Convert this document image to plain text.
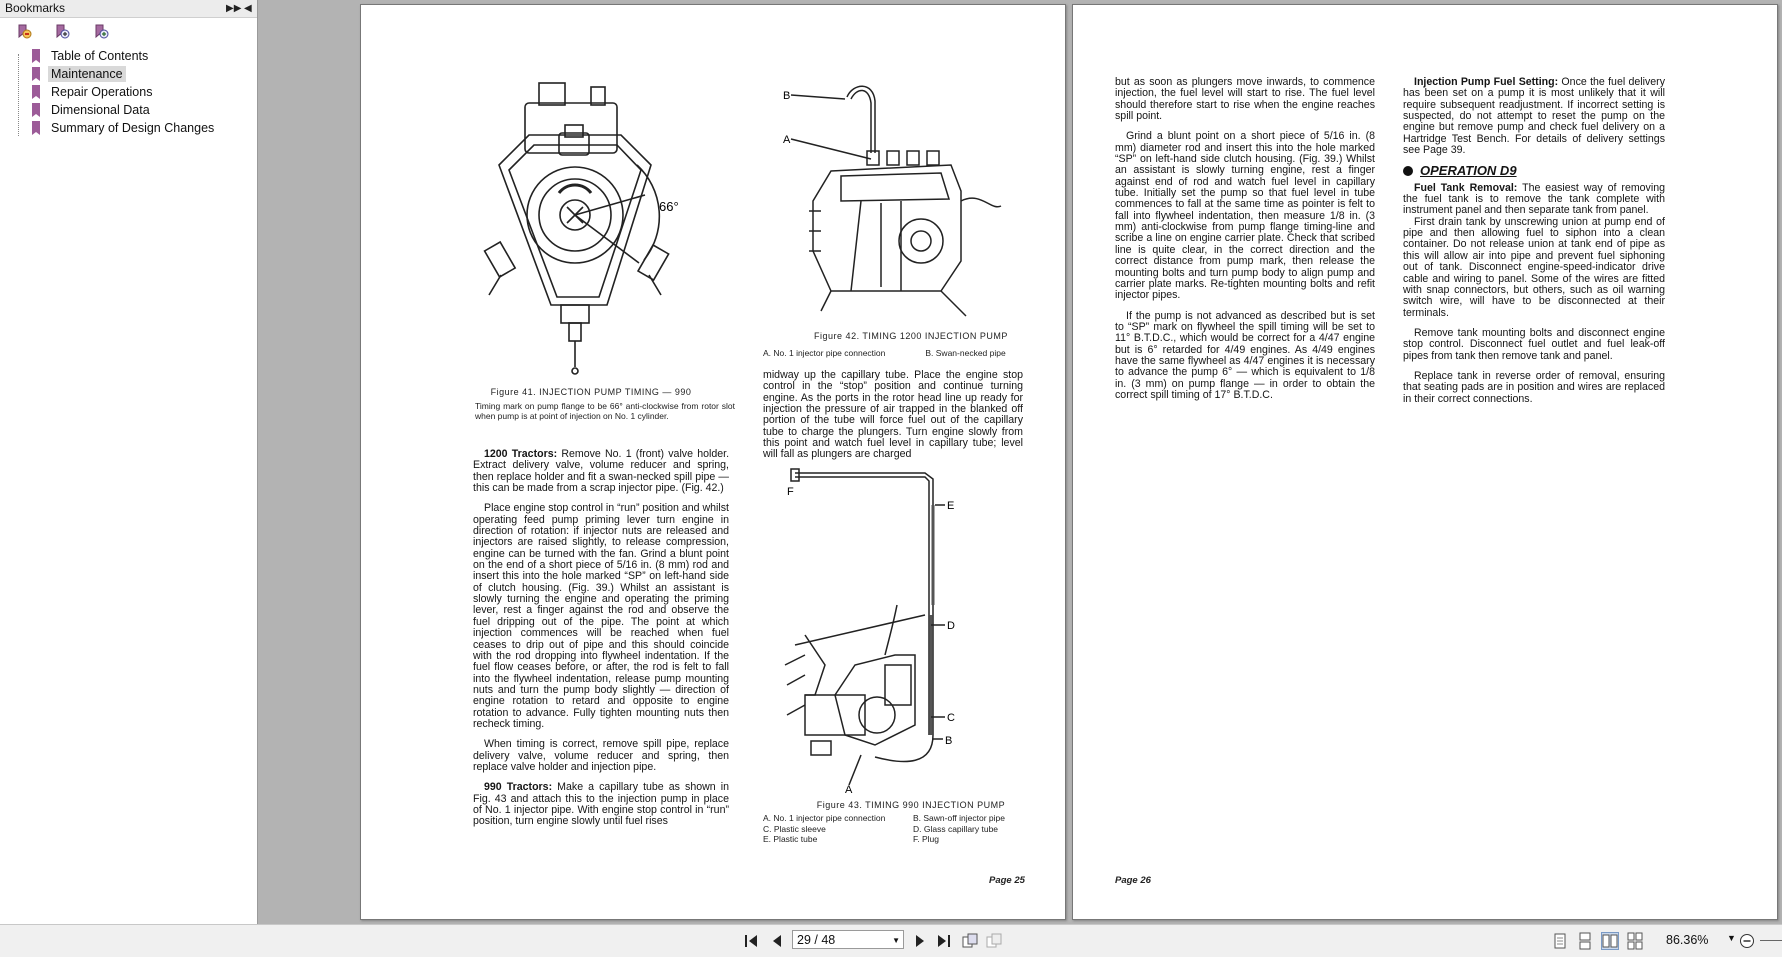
Bookmarks	▶▶ ◀

Table of Contents
Maintenance
Repair Operations
Dimensional Data
Summary of Design Changes
66°
Figure 41. INJECTION PUMP TIMING — 990
Timing mark on pump flange to be 66° anti-clockwise from rotor slot when pump is at point of injection on No. 1 cylinder.
B
A
Figure 42. TIMING 1200 INJECTION PUMP
A. No. 1 injector pipe connection	B. Swan-necked pipe

1200 Tractors: Remove No. 1 (front) valve holder. Extract delivery valve, volume reducer and spring, then replace holder and fit a swan-necked spill pipe — this can be made from a scrap injector pipe. (Fig. 42.)

Place engine stop control in “run” position and whilst operating feed pump priming lever turn engine in direction of rotation: if injector nuts are released and injectors are raised slightly, to release compression, engine can be turned with the fan. Grind a blunt point on the end of a short piece of 5/16 in. (8 mm) rod and insert this into the hole marked “SP” on left-hand side of clutch housing. (Fig. 39.) Whilst an assistant is slowly turning the engine and operating the priming lever, rest a finger against the rod and observe the fuel dripping out of the pipe. The point at which injection commences will be reached when fuel ceases to drip out of pipe and this should coincide with the rod dropping into flywheel indentation. If the fuel flow ceases before, or after, the rod is felt to fall into the flywheel indentation, release pump mounting nuts and turn the pump body slightly — direction of engine rotation to retard and opposite to engine rotation to advance. Fully tighten mounting nuts then recheck timing.

When timing is correct, remove spill pipe, replace delivery valve, volume reducer and spring, then replace valve holder and injection pipe.

990 Tractors: Make a capillary tube as shown in Fig. 43 and attach this to the injection pump in place of No. 1 injector pipe. With engine stop control in “run” position, turn engine slowly until fuel rises

midway up the capillary tube. Place the engine stop control in the “stop” position and continue turning engine. As the ports in the rotor head line up ready for injection the pressure of air trapped in the blanked off portion of the tube will force fuel out of the capillary tube to charge the plungers. Turn engine slowly from this point and watch fuel level in capillary tube; level will fall as plungers are charged

E
D
C
B
A
F
Figure 43. TIMING 990 INJECTION PUMP
A. No. 1 injector pipe connection	B. Sawn-off injector pipe
C. Plastic sleeve	D. Glass capillary tube
E. Plastic tube	F. Plug
Page 25

but as soon as plungers move inwards, to commence injection, the fuel level will start to rise. The fuel level should therefore start to rise when the engine reaches spill point.

Grind a blunt point on a short piece of 5/16 in. (8 mm) diameter rod and insert this into the hole marked “SP” on left-hand side clutch housing. (Fig. 39.) Whilst an assistant is slowly turning engine, rest a finger against end of rod and watch fuel level in capillary tube. Initially set the pump so that fuel level in tube commences to fall at the same time as pointer is felt to fall into flywheel indentation, then measure 1/8 in. (3 mm) anti-clockwise from pump flange timing-line and scribe a line on engine carrier plate. Check that scribed line is quite clear, in the correct direction and the correct distance from pump mark, then release the mounting bolts and turn pump body to align pump and carrier plate marks. Re-tighten mounting bolts and refit injector pipes.

If the pump is not advanced as described but is set to “SP” mark on flywheel the spill timing will be set to 11° B.T.D.C., which would be correct for a 4/47 engine but is 6° retarded for 4/49 engines. As 4/49 engines have the same flywheel as 4/47 engines it is necessary to advance the pump 6° — which is equivalent to 1/8 in. (3 mm) on pump flange — in order to obtain the correct spill timing of 17° B.T.D.C.

Injection Pump Fuel Setting: Once the fuel delivery has been set on a pump it is most unlikely that it will require subsequent readjustment. If incorrect setting is suspected, do not attempt to reset the pump on the engine but remove pump and check fuel delivery on a Hartridge Test Bench. For details of delivery settings see Page 39.

OPERATION D9

Fuel Tank Removal: The easiest way of removing the fuel tank is to remove the tank complete with instrument panel and then separate tank from panel.

First drain tank by unscrewing union at pump end of pipe and then allowing fuel to siphon into a clean container. Do not release union at tank end of pipe as this will allow air into pipe and prevent fuel siphoning out of tank. Disconnect engine-speed-indicator drive cable and wiring to panel. Some of the wires are fitted with snap connectors, but others, such as oil warning switch wire, will have to be disconnected at their terminals.

Remove tank mounting bolts and disconnect engine stop control. Disconnect fuel outlet and fuel leak-off pipes from tank then remove tank and panel.

Replace tank in reverse order of removal, ensuring that seating pads are in position and wires are replaced in their correct connections.

Page 26
29 / 48	▼	86.36% ▼
